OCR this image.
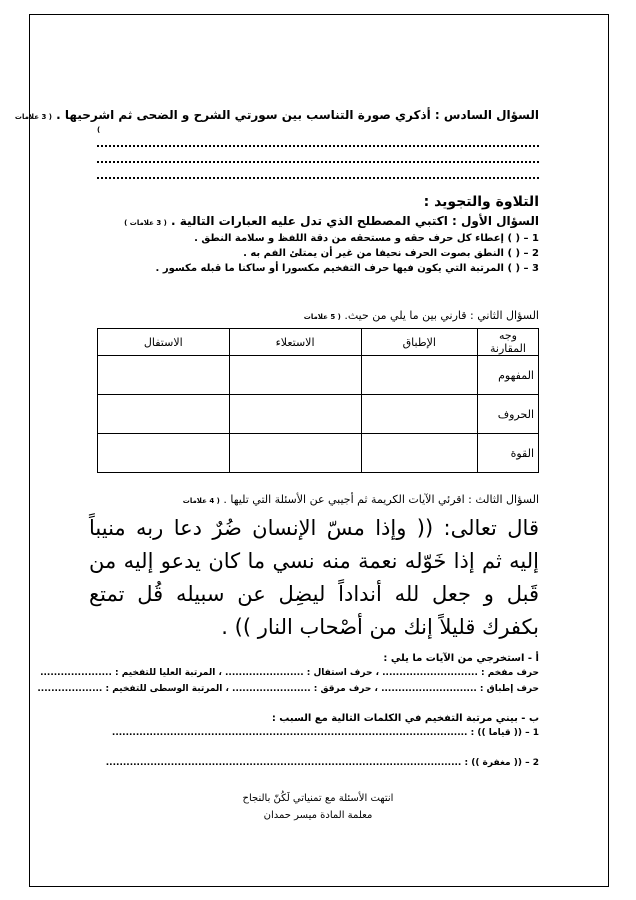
السؤال السادس : أذكري صورة التناسب بين سورتي الشرح و الضحى ثم اشرحيها . ( 3 علامات
)
التلاوة والتجويد :
السؤال الأول : اكتبي المصطلح الذي تدل عليه العبارات التالية . ( 3 علامات )
1 – ( ) إعطاء كل حرف حقه و مستحقه من دقة اللفظ و سلامة النطق .
2 – ( ) النطق بصوت الحرف نحيفا من غير أن يمتلئ الفم به .
3 – ( ) المرتبة التي يكون فيها حرف التفخيم مكسورا أو ساكنا ما قبله مكسور .
السؤال الثاني : قارني بين ما يلي من حيث. ( 5 علامات
وجه المقارنة	الإطباق	الاستعلاء	الاستفال
المفهوم			
الحروف			
القوة			
السؤال الثالث : اقرئي الآيات الكريمة ثم أجيبي عن الأسئلة التي تليها . ( 4 علامات
قال تعالى: (( وإذا مسّ الإنسان ضُرٌ دعا ربه منيباً إليه ثم إذا خَوّله نعمة منه نسي ما كان يدعو إليه من قَبل و جعل لله أنداداً ليضِل عن سبيله قُل تمتع بكفرك قليلاً إنك من أصْحاب النار )) .
أ - استخرجي من الآيات ما يلي :
حرف مفخم : ............................ ، حرف استفال : ....................... ، المرتبة العليا للتفخيم : .....................
حرف إطباق : ............................ ، حرف مرقق : ....................... ، المرتبة الوسطى للتفخيم : ...................
ب - بيني مرتبة التفخيم في الكلمات التالية مع السبب :
1 – (( قياما )) : ........................................................................................................
2 – (( مغفرة )) : ........................................................................................................
انتهت الأسئلة مع تمنياتي لَكُنّ بالنجاح
معلمة المادة ميسر حمدان
